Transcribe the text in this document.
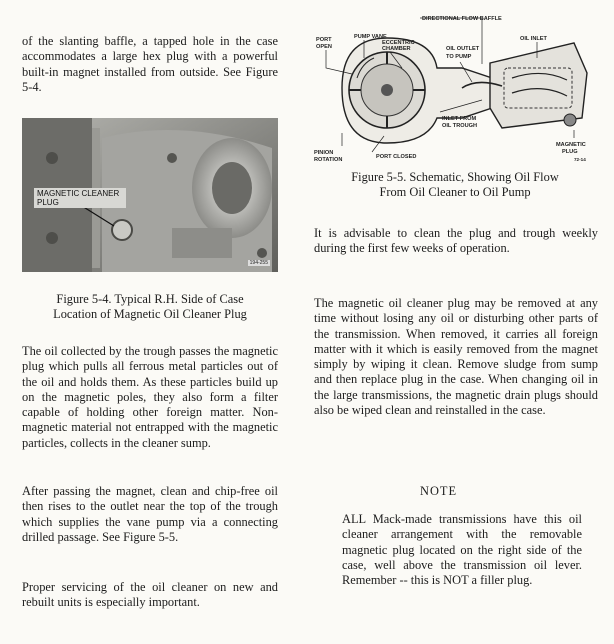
of the slanting baffle, a tapped hole in the case accommodates a large hex plug with a powerful built-in magnet installed from outside. See Figure 5-4.

MAGNETIC CLEANER PLUG
194-255

Figure 5-4. Typical R.H. Side of Case

Location of Magnetic Oil Cleaner Plug

The oil collected by the trough passes the magnetic plug which pulls all ferrous metal particles out of the oil and holds them. As these particles build up on the magnetic poles, they also form a filter capable of holding other foreign matter. Non-magnetic material not entrapped with the magnetic particles, collects in the cleaner sump.

After passing the magnet, clean and chip-free oil then rises to the outlet near the top of the trough which supplies the vane pump via a connecting drilled passage. See Figure 5-5.

Proper servicing of the oil cleaner on new and rebuilt units is especially important.

DIRECTIONAL FLOW BAFFLE
PORT
OPEN
PUMP VANE
ECCENTRIC
CHAMBER	OIL OUTLET
TO PUMP
OIL INLET
INLET FROM
OIL TROUGH
PINION
ROTATION	PORT CLOSED
MAGNETIC
PLUG
72-14

Figure 5-5. Schematic, Showing Oil Flow

From Oil Cleaner to Oil Pump

It is advisable to clean the plug and trough weekly during the first few weeks of operation.

The magnetic oil cleaner plug may be removed at any time without losing any oil or disturbing other parts of the transmission. When removed, it carries all foreign matter with it which is easily removed from the magnet simply by wiping it clean. Remove sludge from sump and then replace plug in the case. When changing oil in the large transmissions, the magnetic drain plugs should also be wiped clean and reinstalled in the case.

NOTE

ALL Mack-made transmissions have this oil cleaner arrangement with the removable magnetic plug located on the right side of the case, well above the transmission oil lever. Remember -- this is NOT a filler plug.
